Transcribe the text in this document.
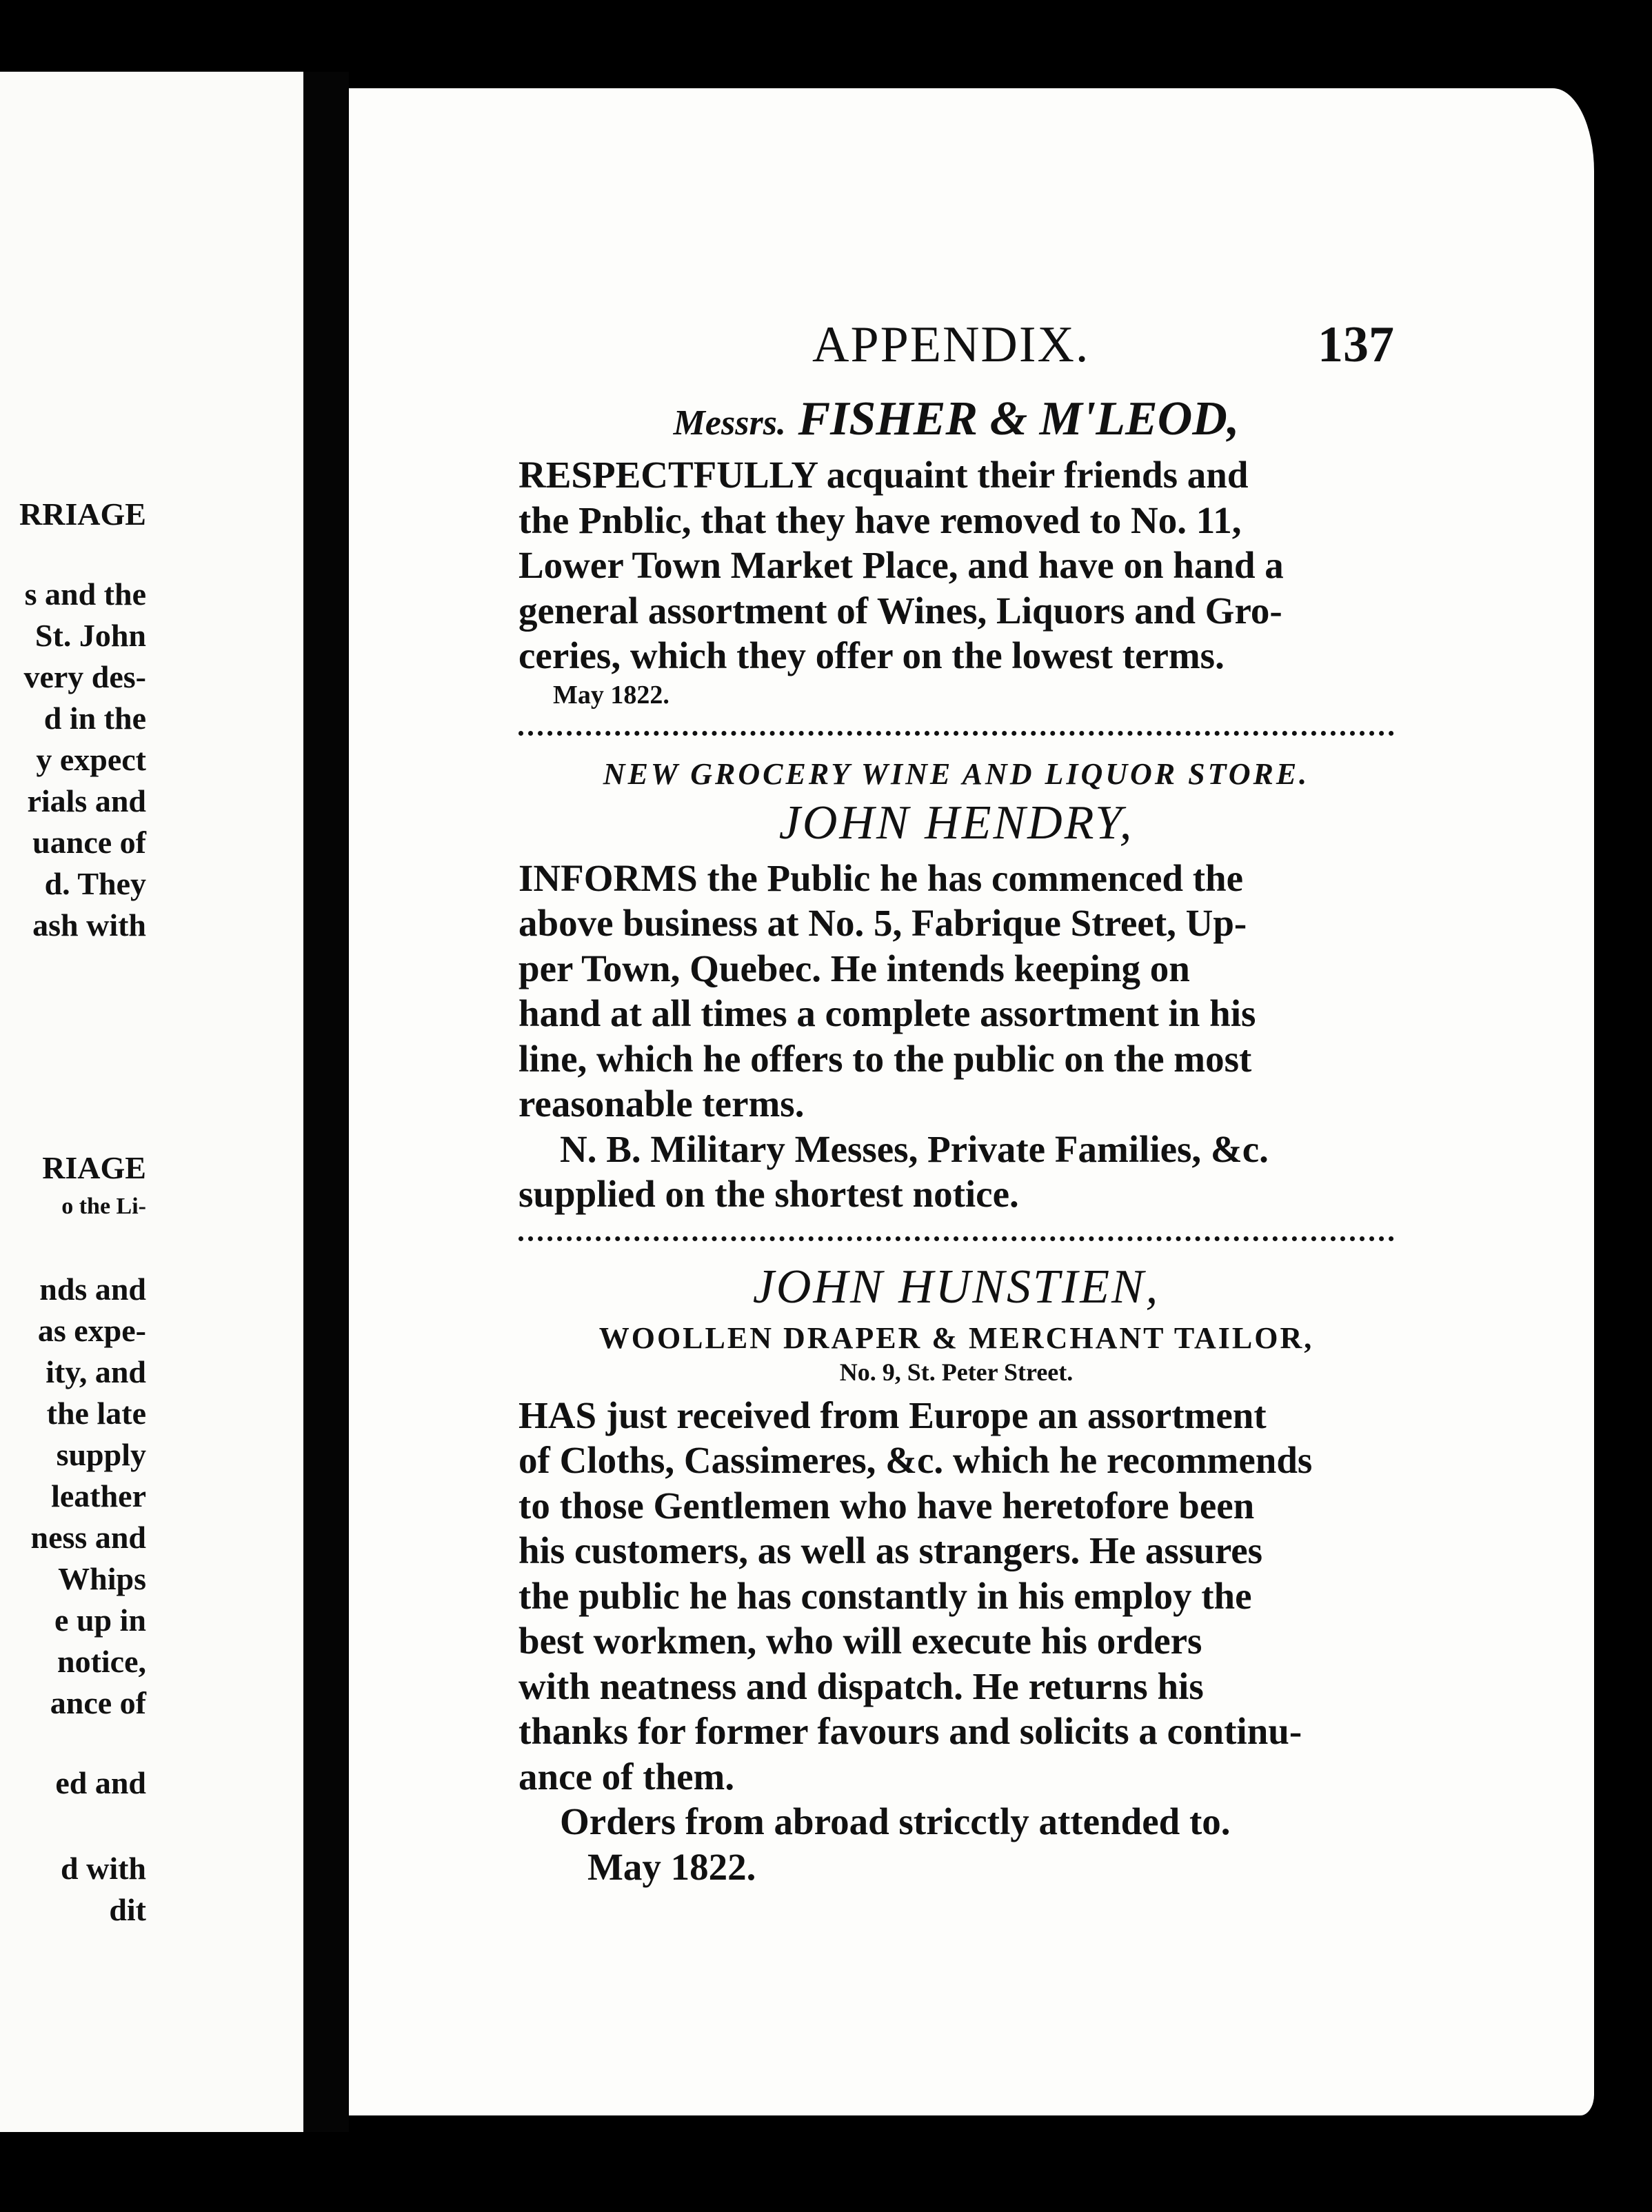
RRIAGE
s and the
St. John
very des-
d in the
y expect
rials and
uance of
d. They
ash with
RIAGE
o the Li-
nds and
as expe-
ity, and
the late
supply
leather
ness and
Whips
e up in
notice,
ance of
ed and
d with
dit
APPENDIX.	137
Messrs. FISHER & M'LEOD,

RESPECTFULLY acquaint their friends and

the Pnblic, that they have removed to No. 11,

Lower Town Market Place, and have on hand a

general assortment of Wines, Liquors and Gro-

ceries, which they offer on the lowest terms.

May 1822.
NEW GROCERY WINE AND LIQUOR STORE.
JOHN HENDRY,

INFORMS the Public he has commenced the

above business at No. 5, Fabrique Street, Up-

per Town, Quebec. He intends keeping on

hand at all times a complete assortment in his

line, which he offers to the public on the most

reasonable terms.

N. B. Military Messes, Private Families, &c.

supplied on the shortest notice.

JOHN HUNSTIEN,
WOOLLEN DRAPER & MERCHANT TAILOR,
No. 9, St. Peter Street.

HAS just received from Europe an assortment

of Cloths, Cassimeres, &c. which he recommends

to those Gentlemen who have heretofore been

his customers, as well as strangers. He assures

the public he has constantly in his employ the

best workmen, who will execute his orders

with neatness and dispatch. He returns his

thanks for former favours and solicits a continu-

ance of them.

Orders from abroad stricctly attended to.
May 1822.
